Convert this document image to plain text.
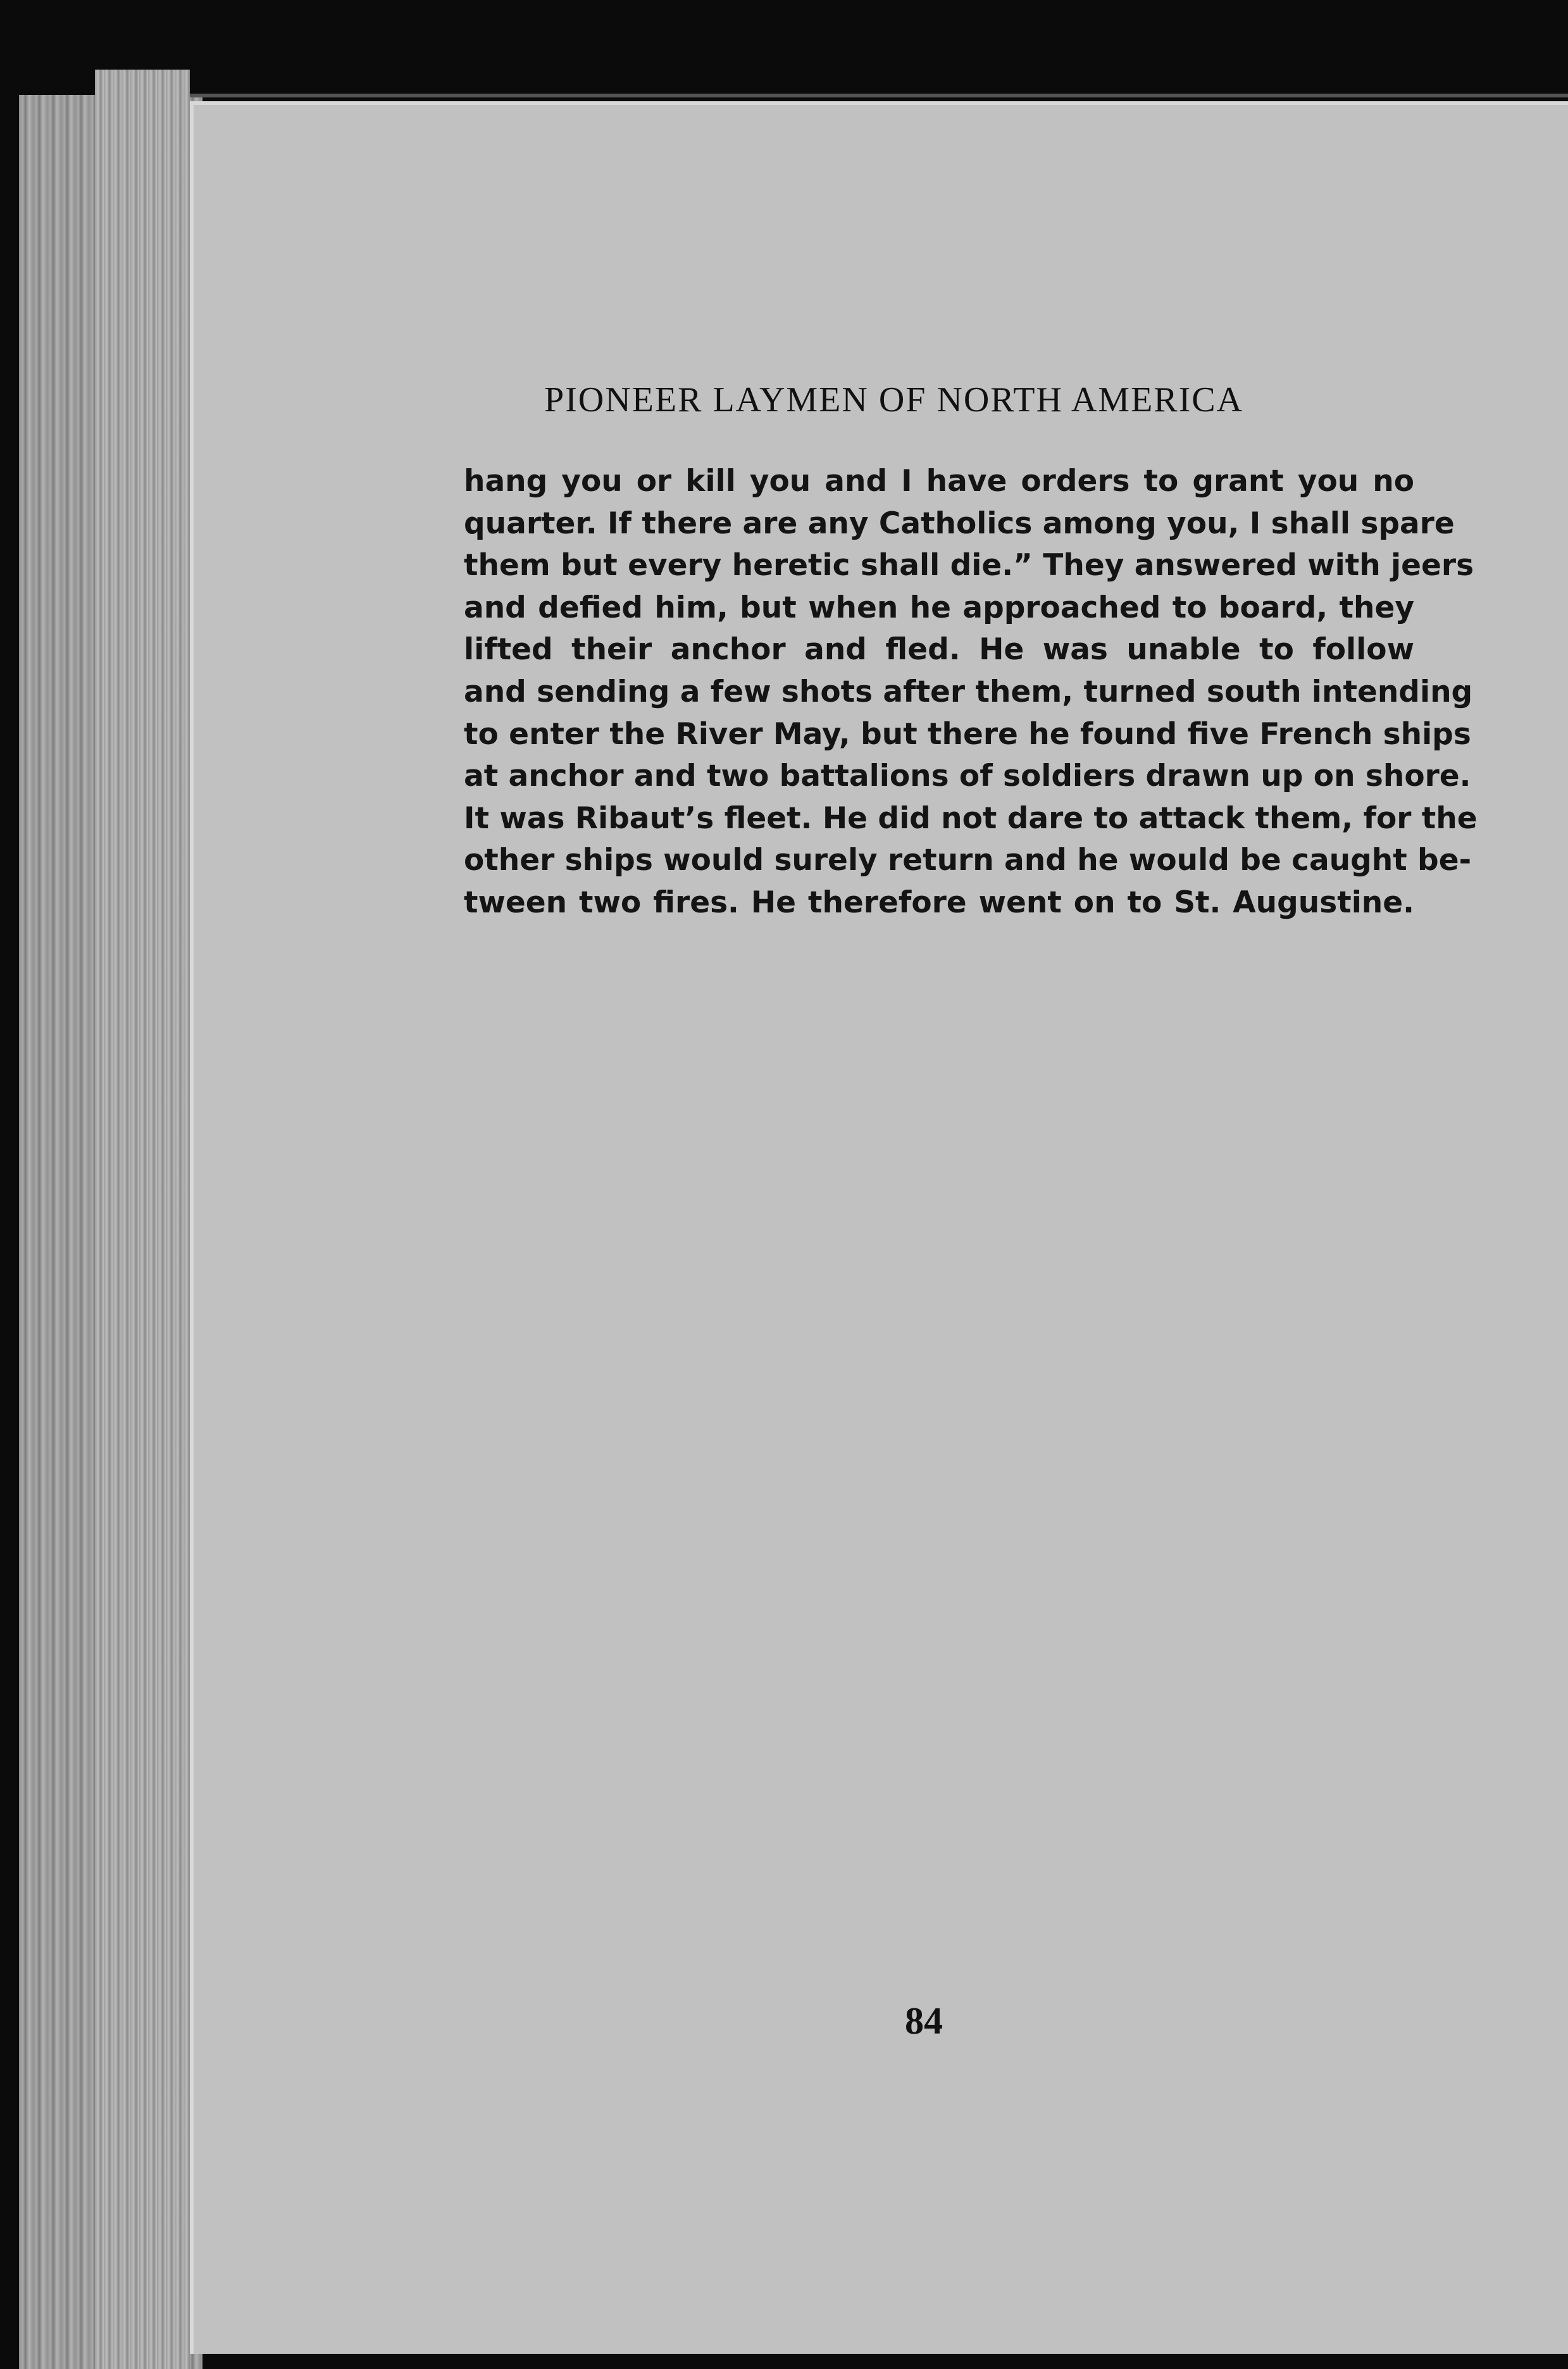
PIONEER LAYMEN OF NORTH AMERICA
hang you or kill you and I have orders to grant you no
quarter. If there are any Catholics among you, I shall spare
them but every heretic shall die.” They answered with jeers
and defied him, but when he approached to board, they
lifted their anchor and fled. He was unable to follow
and sending a few shots after them, turned south intending
to enter the River May, but there he found five French ships
at anchor and two battalions of soldiers drawn up on shore.
It was Ribaut’s fleet. He did not dare to attack them, for the
other ships would surely return and he would be caught be-
tween two fires. He therefore went on to St. Augustine.
84
